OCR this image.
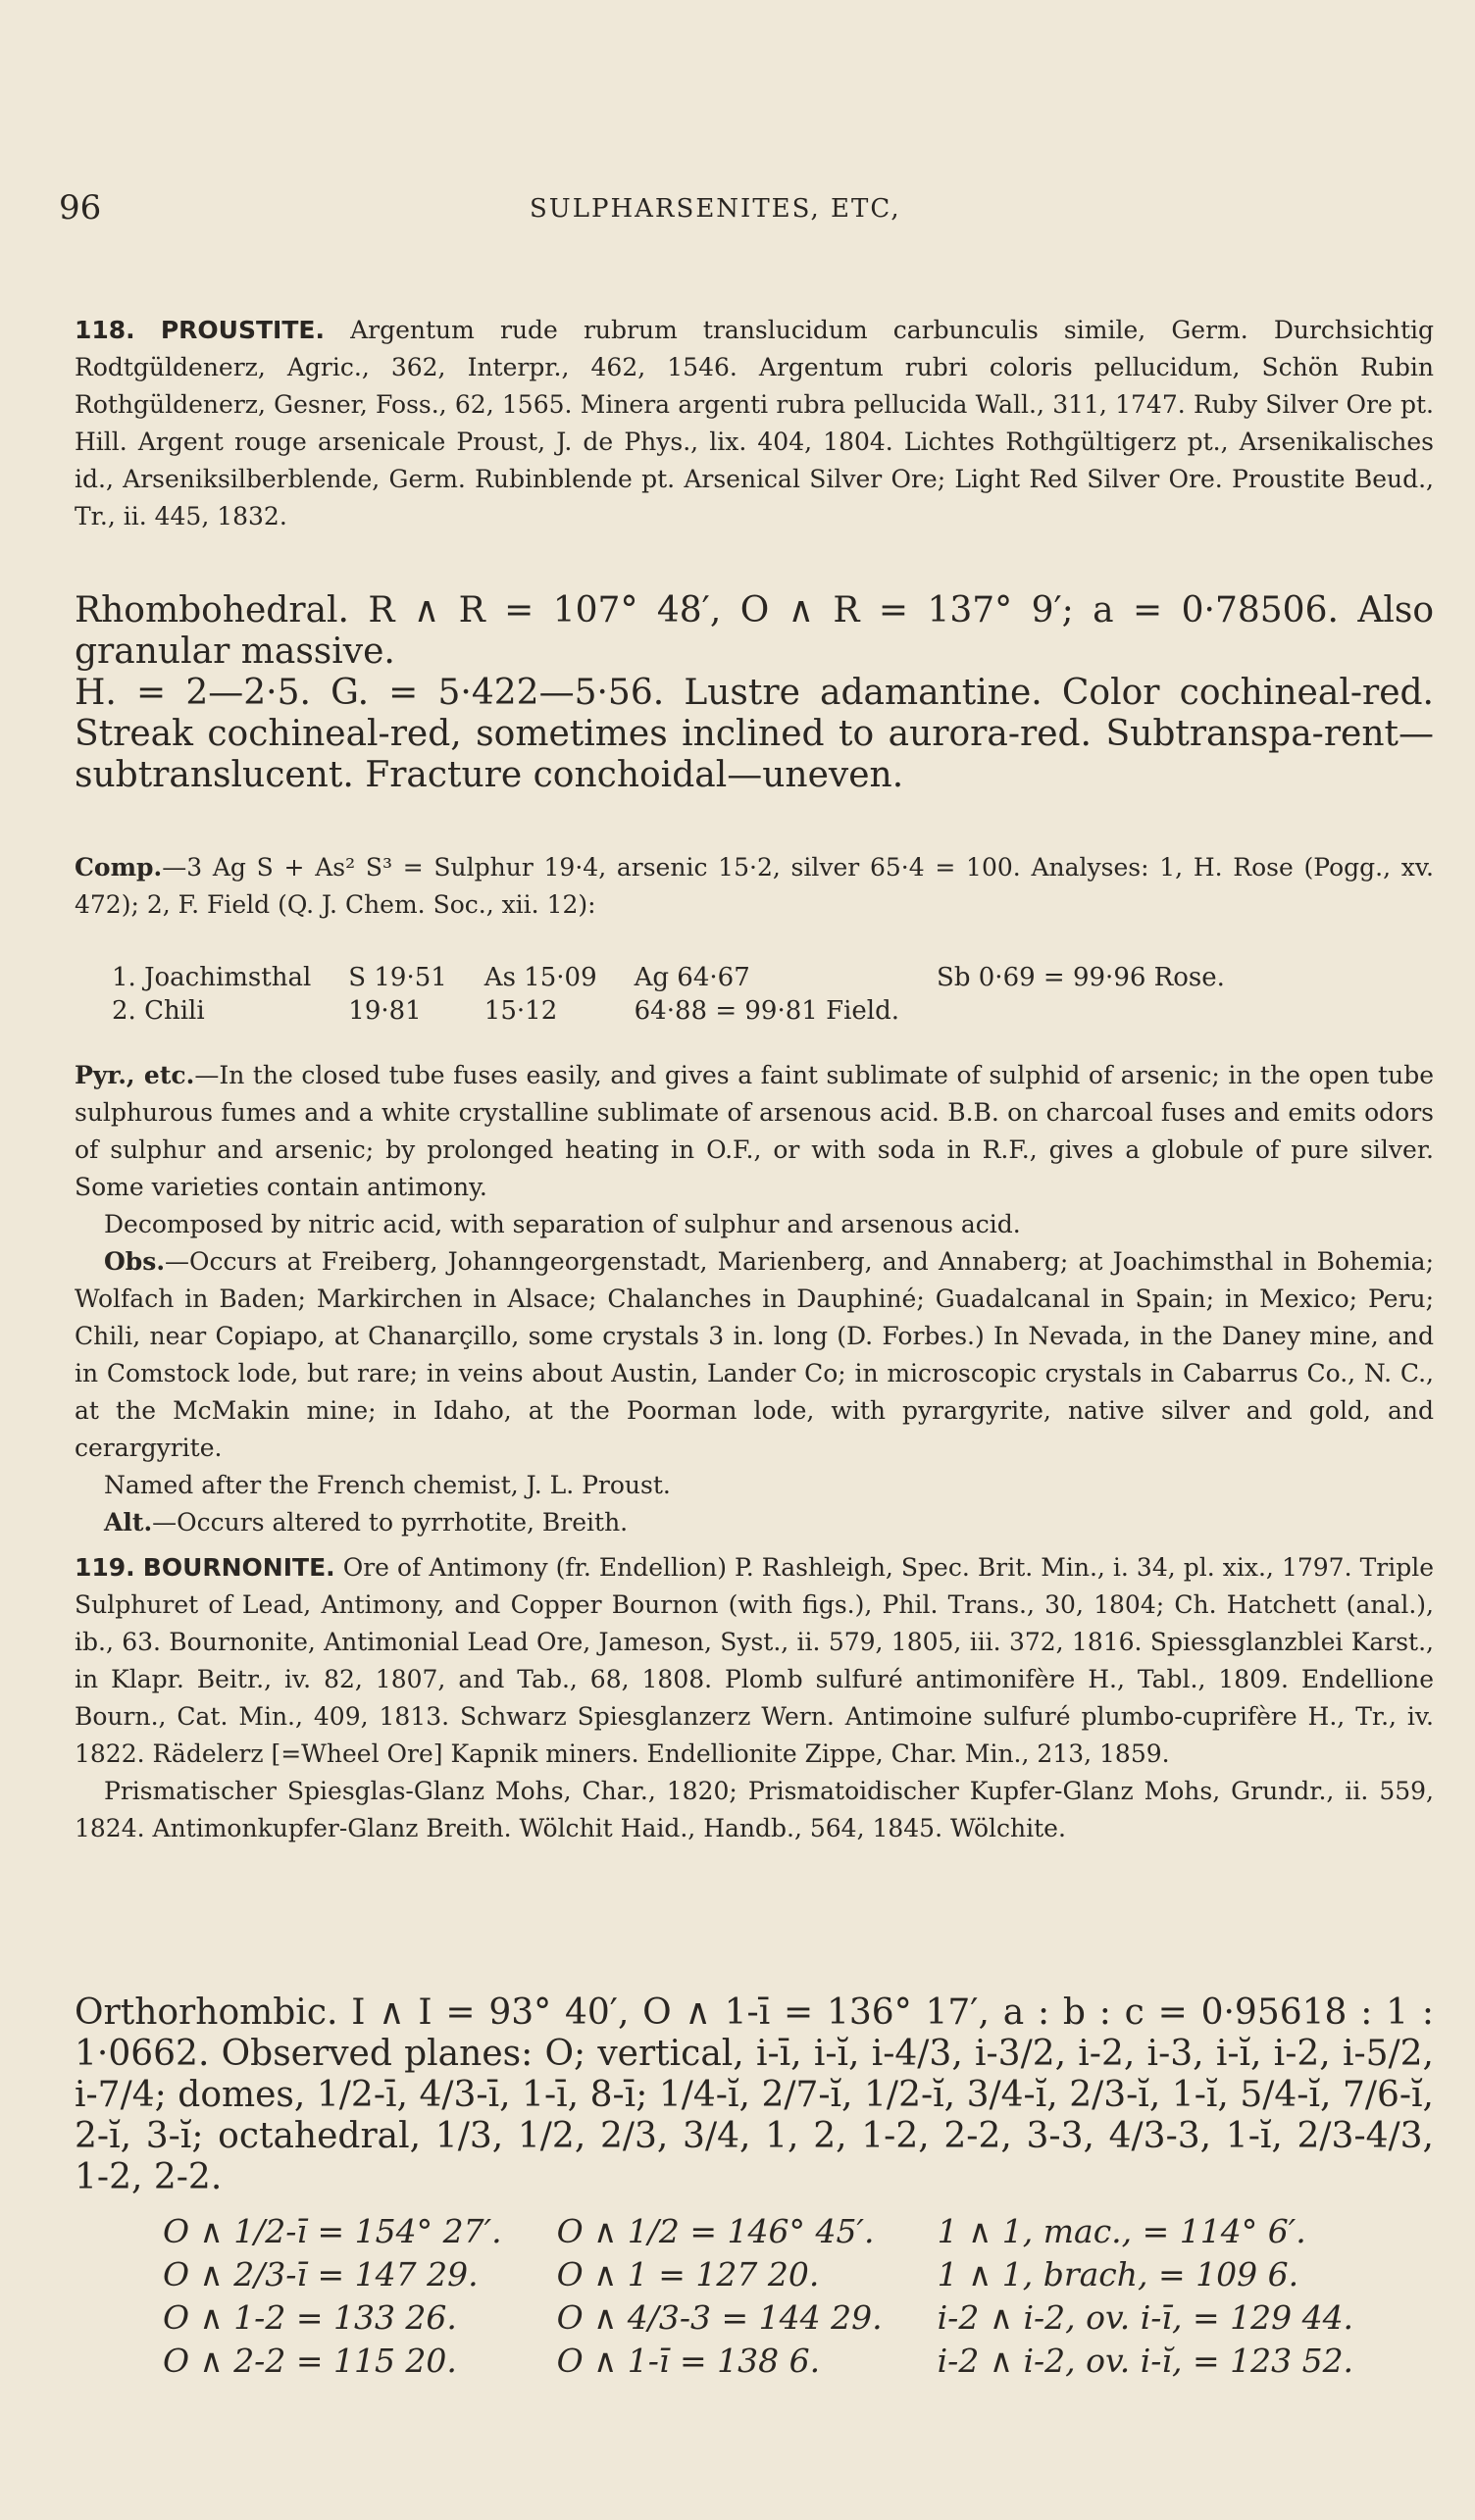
96	SULPHARSENITES, ETC,

118. PROUSTITE. Argentum rude rubrum translucidum carbunculis simile, Germ. Durchsichtig Rodtgüldenerz, Agric., 362, Interpr., 462, 1546. Argentum rubri coloris pellucidum, Schön Rubin Rothgüldenerz, Gesner, Foss., 62, 1565. Minera argenti rubra pellucida Wall., 311, 1747. Ruby Silver Ore pt. Hill. Argent rouge arsenicale Proust, J. de Phys., lix. 404, 1804. Lichtes Rothgültigerz pt., Arsenikalisches id., Arseniksilberblende, Germ. Rubinblende pt. Arsenical Silver Ore; Light Red Silver Ore. Proustite Beud., Tr., ii. 445, 1832.

Rhombohedral. R ∧ R = 107° 48′, O ∧ R = 137° 9′; a = 0·78506. Also granular massive.

H. = 2—2·5. G. = 5·422—5·56. Lustre adamantine. Color cochineal-red. Streak cochineal-red, sometimes inclined to aurora-red. Subtranspa-rent—subtranslucent. Fracture conchoidal—uneven.

Comp.—3 Ag S + As² S³ = Sulphur 19·4, arsenic 15·2, silver 65·4 = 100. Analyses: 1, H. Rose (Pogg., xv. 472); 2, F. Field (Q. J. Chem. Soc., xii. 12):

1. Joachimsthal	S 19·51	As 15·09	Ag 64·67	Sb 0·69 = 99·96 Rose.
2. Chili	19·81	15·12	64·88 = 99·81 Field.	

Pyr., etc.—In the closed tube fuses easily, and gives a faint sublimate of sulphid of arsenic; in the open tube sulphurous fumes and a white crystalline sublimate of arsenous acid. B.B. on charcoal fuses and emits odors of sulphur and arsenic; by prolonged heating in O.F., or with soda in R.F., gives a globule of pure silver. Some varieties contain antimony.

Decomposed by nitric acid, with separation of sulphur and arsenous acid.

Obs.—Occurs at Freiberg, Johanngeorgenstadt, Marienberg, and Annaberg; at Joachimsthal in Bohemia; Wolfach in Baden; Markirchen in Alsace; Chalanches in Dauphiné; Guadalcanal in Spain; in Mexico; Peru; Chili, near Copiapo, at Chanarçillo, some crystals 3 in. long (D. Forbes.) In Nevada, in the Daney mine, and in Comstock lode, but rare; in veins about Austin, Lander Co; in microscopic crystals in Cabarrus Co., N. C., at the McMakin mine; in Idaho, at the Poorman lode, with pyrargyrite, native silver and gold, and cerargyrite.

Named after the French chemist, J. L. Proust.

Alt.—Occurs altered to pyrrhotite, Breith.

119. BOURNONITE. Ore of Antimony (fr. Endellion) P. Rashleigh, Spec. Brit. Min., i. 34, pl. xix., 1797. Triple Sulphuret of Lead, Antimony, and Copper Bournon (with figs.), Phil. Trans., 30, 1804; Ch. Hatchett (anal.), ib., 63. Bournonite, Antimonial Lead Ore, Jameson, Syst., ii. 579, 1805, iii. 372, 1816. Spiessglanzblei Karst., in Klapr. Beitr., iv. 82, 1807, and Tab., 68, 1808. Plomb sulfuré antimonifère H., Tabl., 1809. Endellione Bourn., Cat. Min., 409, 1813. Schwarz Spiesglanzerz Wern. Antimoine sulfuré plumbo-cuprifère H., Tr., iv. 1822. Rädelerz [=Wheel Ore] Kapnik miners. Endellionite Zippe, Char. Min., 213, 1859.

Prismatischer Spiesglas-Glanz Mohs, Char., 1820; Prismatoidischer Kupfer-Glanz Mohs, Grundr., ii. 559, 1824. Antimonkupfer-Glanz Breith. Wölchit Haid., Handb., 564, 1845. Wölchite.

Orthorhombic. I ∧ I = 93° 40′, O ∧ 1-ī = 136° 17′, a : b : c = 0·95618 : 1 : 1·0662. Observed planes: O; vertical, i-ī, i-ĭ, i-4/3, i-3/2, i-2, i-3, i-ĭ, i-2, i-5/2, i-7/4; domes, 1/2-ī, 4/3-ī, 1-ī, 8-ī; 1/4-ĭ, 2/7-ĭ, 1/2-ĭ, 3/4-ĭ, 2/3-ĭ, 1-ĭ, 5/4-ĭ, 7/6-ĭ, 2-ĭ, 3-ĭ; octahedral, 1/3, 1/2, 2/3, 3/4, 1, 2, 1-2, 2-2, 3-3, 4/3-3, 1-ĭ, 2/3-4/3, 1-2, 2-2.

O ∧ 1/2-ī = 154° 27′.	O ∧ 1/2 = 146° 45′.	1 ∧ 1, mac., = 114° 6′.
O ∧ 2/3-ī = 147 29.	O ∧ 1 = 127 20.	1 ∧ 1, brach, = 109 6.
O ∧ 1-2 = 133 26.	O ∧ 4/3-3 = 144 29.	i-2 ∧ i-2, ov. i-ī, = 129 44.
O ∧ 2-2 = 115 20.	O ∧ 1-ī = 138 6.	i-2 ∧ i-2, ov. i-ĭ, = 123 52.
